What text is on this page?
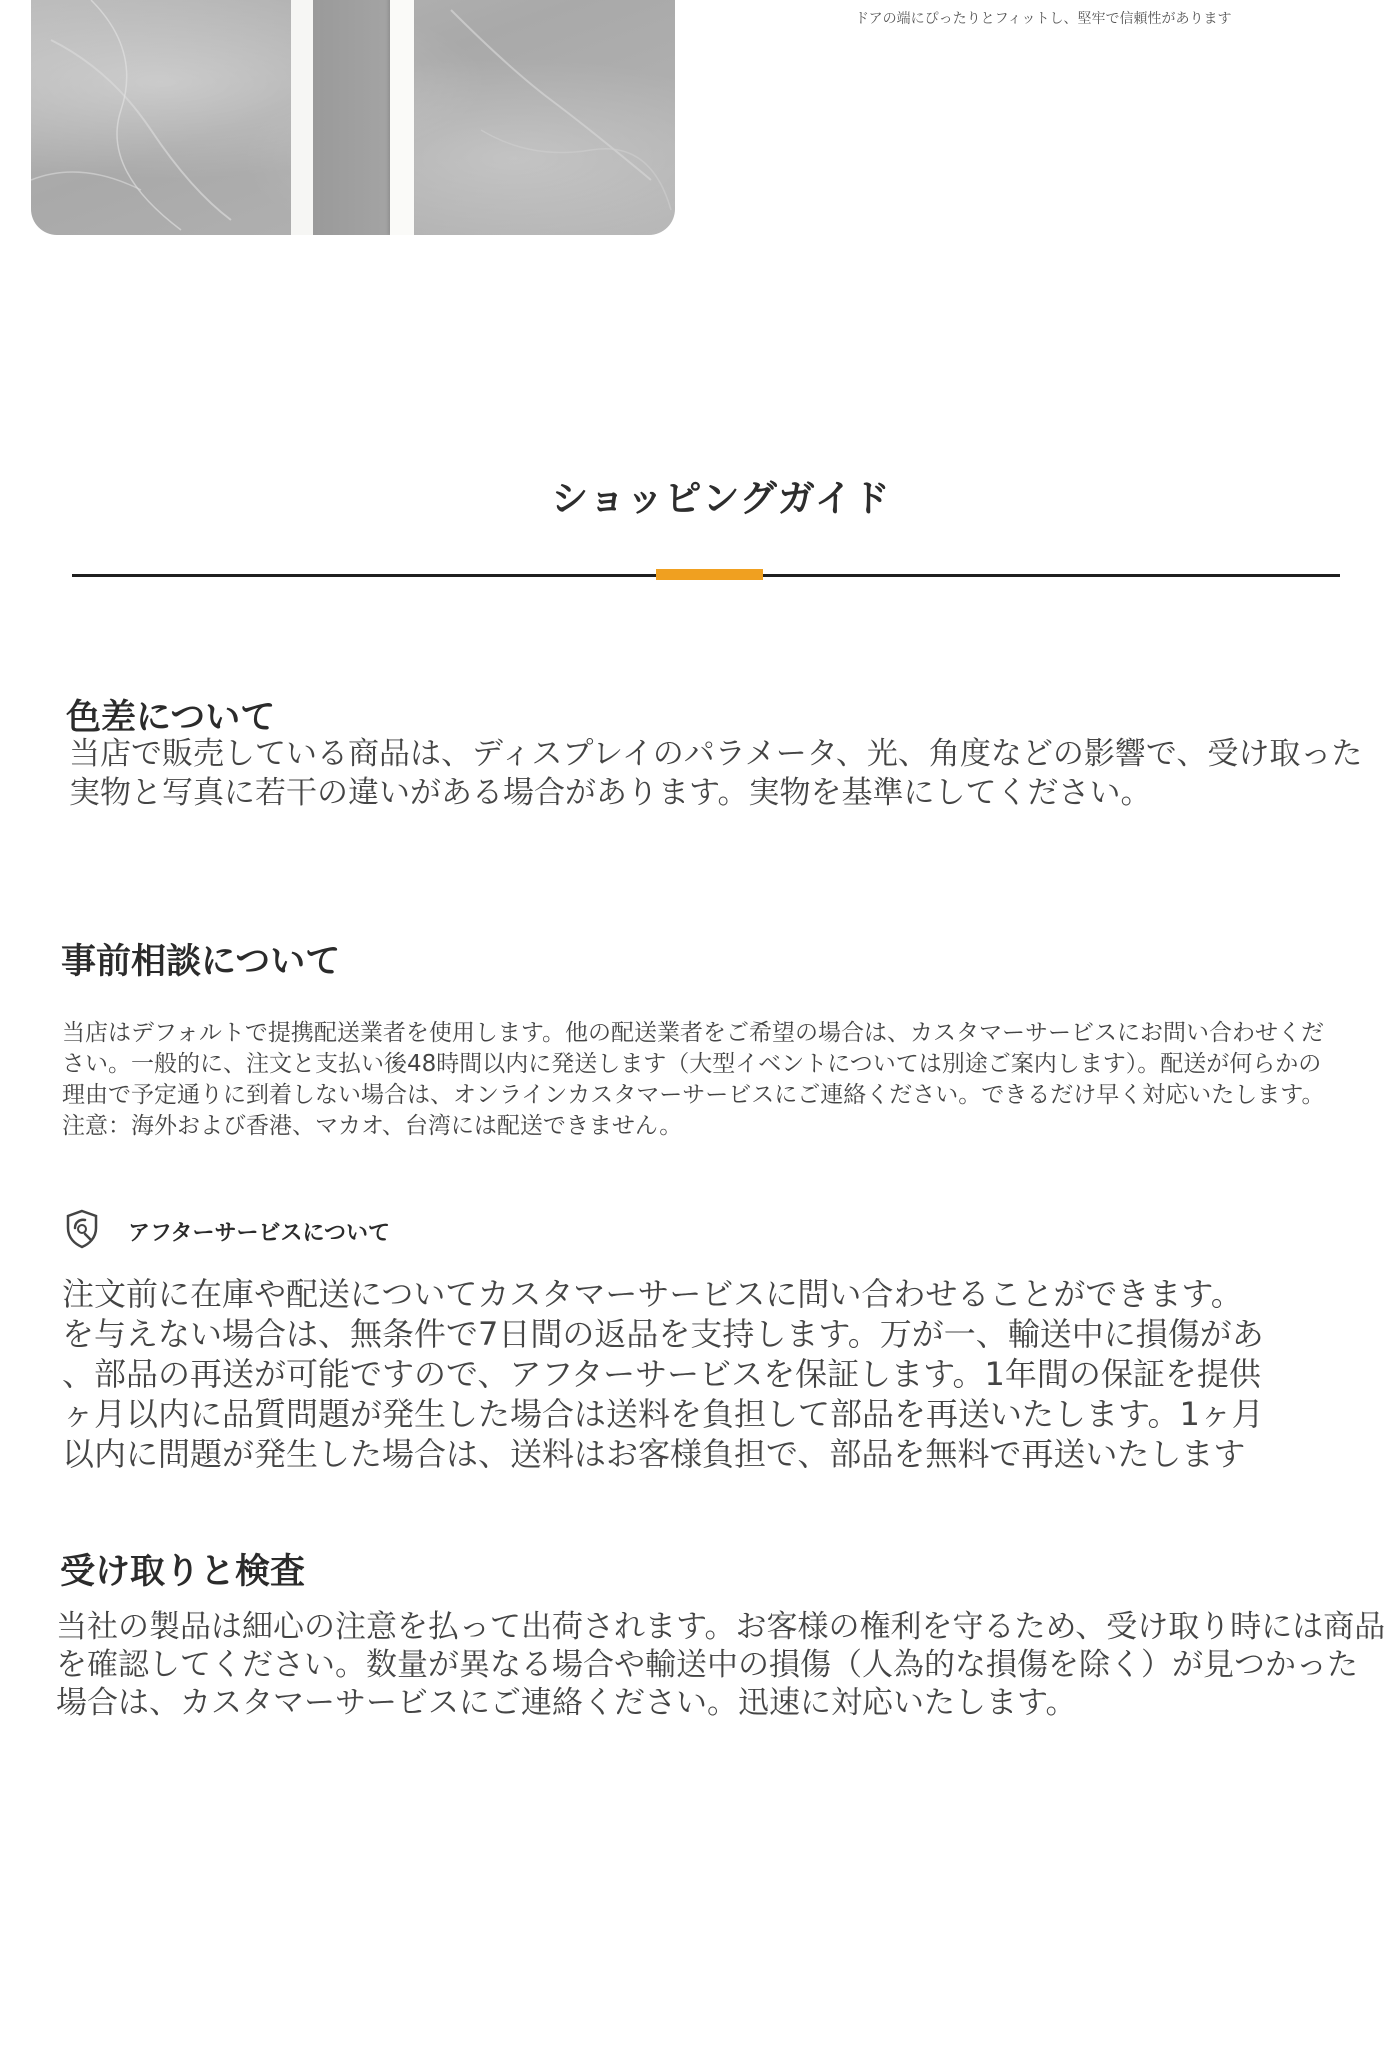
ドアの端にぴったりとフィットし、堅牢で信頼性があります
ショッピングガイド
色差について
当店で販売している商品は、ディスプレイのパラメータ、光、角度などの影響で、受け取った実物と写真に若干の違いがある場合があります。実物を基準にしてください。
事前相談について
当店はデフォルトで提携配送業者を使用します。他の配送業者をご希望の場合は、カスタマーサービスにお問い合わせください。一般的に、注文と支払い後48時間以内に発送します（大型イベントについては別途ご案内します）。配送が何らかの理由で予定通りに到着しない場合は、オンラインカスタマーサービスにご連絡ください。できるだけ早く対応いたします。注意：海外および香港、マカオ、台湾には配送できません。
アフターサービスについて
注文前に在庫や配送についてカスタマーサービスに問い合わせることができます。
を与えない場合は、無条件で7日間の返品を支持します。万が一、輸送中に損傷があ
、部品の再送が可能ですので、アフターサービスを保証します。1年間の保証を提供
ヶ月以内に品質問題が発生した場合は送料を負担して部品を再送いたします。1ヶ月
以内に問題が発生した場合は、送料はお客様負担で、部品を無料で再送いたします
受け取りと検査
当社の製品は細心の注意を払って出荷されます。お客様の権利を守るため、受け取り時には商品を確認してください。数量が異なる場合や輸送中の損傷（人為的な損傷を除く）が見つかった場合は、カスタマーサービスにご連絡ください。迅速に対応いたします。
